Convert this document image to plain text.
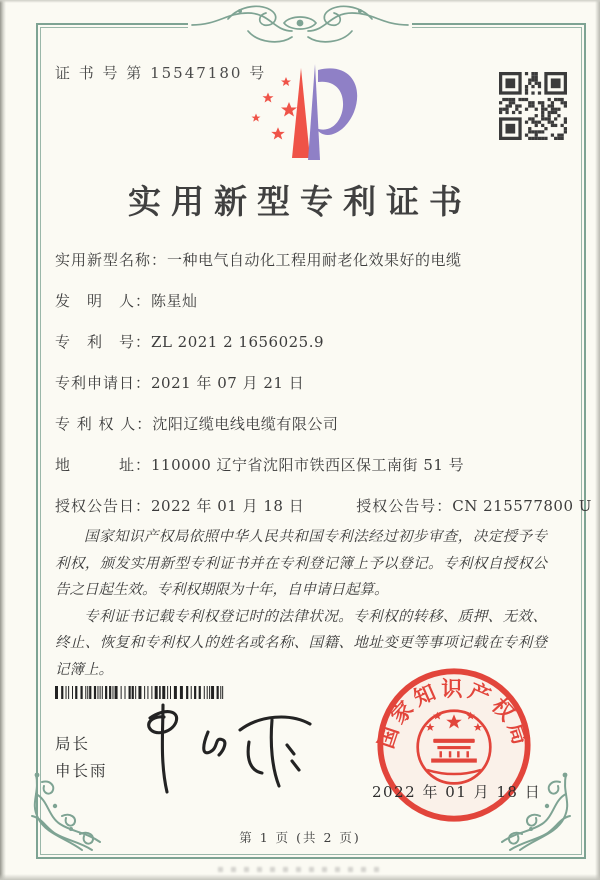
证 书 号 第 15547180 号
实用新型专利证书

实用新型名称：一种电气自动化工程用耐老化效果好的电缆

发　明　人：陈星灿

专　利　号：ZL 2021 2 1656025.9

专利申请日：2021 年 07 月 21 日

专 利 权 人：沈阳辽缆电线电缆有限公司

地　　　址：110000 辽宁省沈阳市铁西区保工南街 51 号

授权公告日：2022 年 01 月 18 日	授权公告号：CN 215577800 U

国家知识产权局依照中华人民共和国专利法经过初步审查，决定授予专利权，颁发实用新型专利证书并在专利登记簿上予以登记。专利权自授权公告之日起生效。专利权期限为十年，自申请日起算。

专利证书记载专利权登记时的法律状况。专利权的转移、质押、无效、终止、恢复和专利权人的姓名或名称、国籍、地址变更等事项记载在专利登记簿上。

局长
申长雨
国家知识产权局
2022 年 01 月 18 日
第 1 页 (共 2 页)
